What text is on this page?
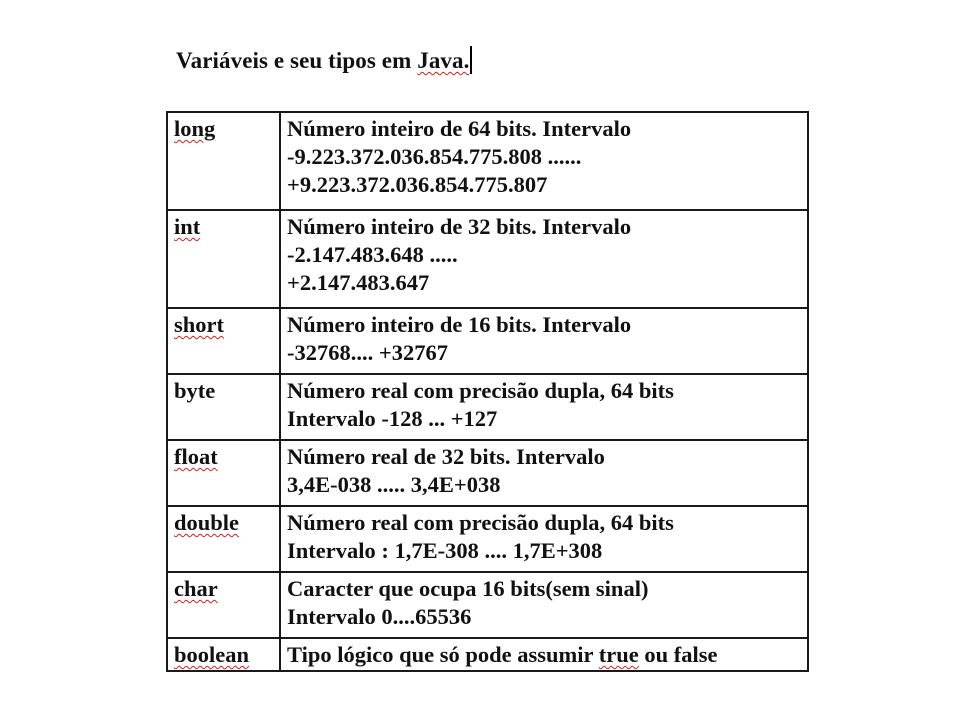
Variáveis e seu tipos em Java.
long	Número inteiro de 64 bits. Intervalo
-9.223.372.036.854.775.808 ......
+9.223.372.036.854.775.807

int	Número inteiro de 32 bits. Intervalo
-2.147.483.648 .....
+2.147.483.647

short	Número inteiro de 16 bits. Intervalo
-32768.... +32767

byte	Número real com precisão dupla, 64 bits
Intervalo -128 ... +127

float	Número real de 32 bits. Intervalo
3,4E-038 ..... 3,4E+038

double	Número real com precisão dupla, 64 bits
Intervalo : 1,7E-308 .... 1,7E+308

char	Caracter que ocupa 16 bits(sem sinal)
Intervalo 0....65536

boolean	Tipo lógico que só pode assumir true ou false
